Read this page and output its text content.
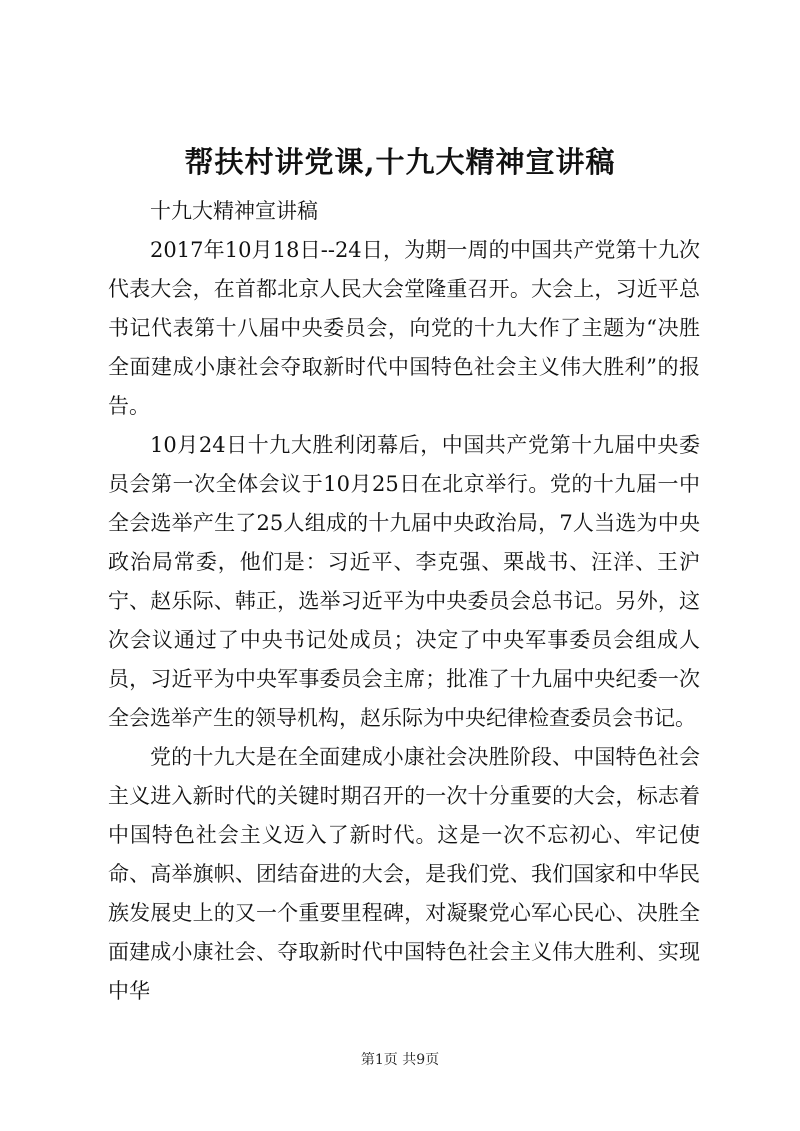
帮扶村讲党课,十九大精神宣讲稿

十九大精神宣讲稿

2017年10月18日--24日，为期一周的中国共产党第十九次代表大会，在首都北京人民大会堂隆重召开。大会上，习近平总书记代表第十八届中央委员会，向党的十九大作了主题为“决胜全面建成小康社会夺取新时代中国特色社会主义伟大胜利”的报告。

10月24日十九大胜利闭幕后，中国共产党第十九届中央委员会第一次全体会议于10月25日在北京举行。党的十九届一中全会选举产生了25人组成的十九届中央政治局，7人当选为中央政治局常委，他们是：习近平、李克强、栗战书、汪洋、王沪宁、赵乐际、韩正，选举习近平为中央委员会总书记。另外，这次会议通过了中央书记处成员；决定了中央军事委员会组成人员，习近平为中央军事委员会主席；批准了十九届中央纪委一次全会选举产生的领导机构，赵乐际为中央纪律检查委员会书记。

党的十九大是在全面建成小康社会决胜阶段、中国特色社会主义进入新时代的关键时期召开的一次十分重要的大会，标志着中国特色社会主义迈入了新时代。这是一次不忘初心、牢记使命、高举旗帜、团结奋进的大会，是我们党、我们国家和中华民族发展史上的又一个重要里程碑，对凝聚党心军心民心、决胜全面建成小康社会、夺取新时代中国特色社会主义伟大胜利、实现中华

第1页 共9页
